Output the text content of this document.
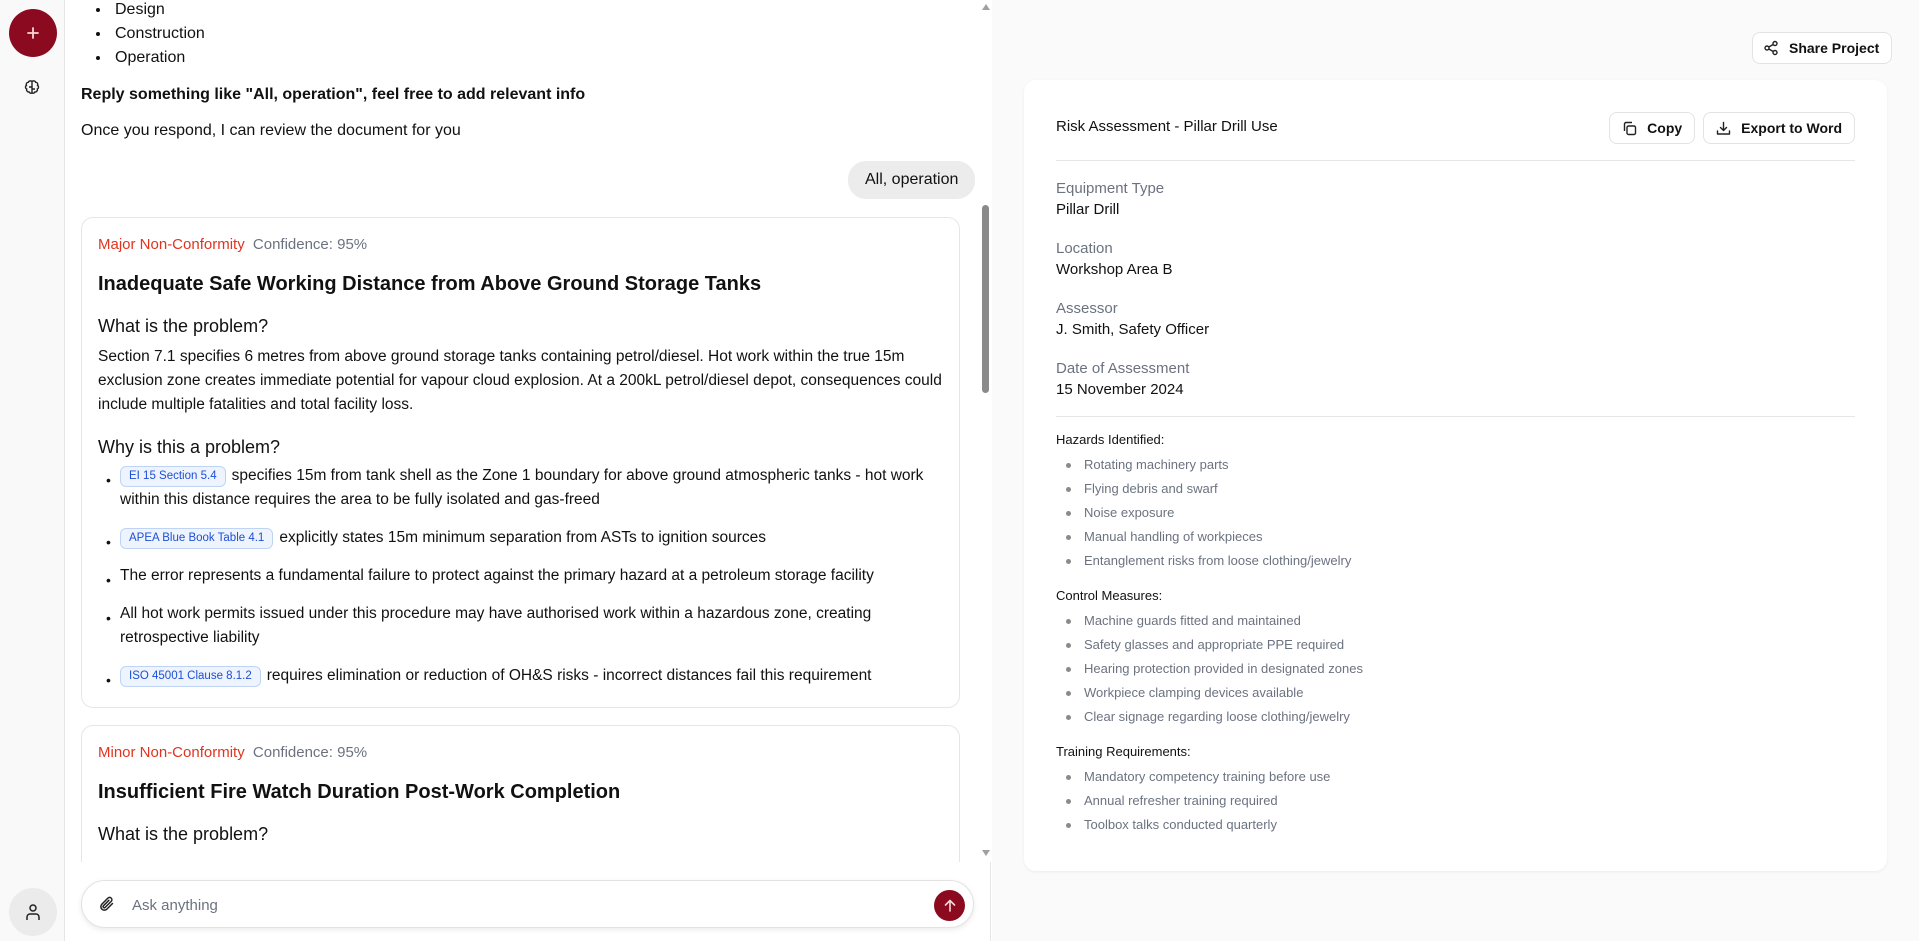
• Design
• Construction
• Operation
Reply something like "All, operation", feel free to add relevant info
Once you respond, I can review the document for you
All, operation
Major Non-Conformity Confidence: 95%
Inadequate Safe Working Distance from Above Ground Storage Tanks
What is the problem?
Section 7.1 specifies 6 metres from above ground storage tanks containing petrol/diesel. Hot work within the true 15m exclusion zone creates immediate potential for vapour cloud explosion. At a 200kL petrol/diesel depot, consequences could include multiple fatalities and total facility loss.
Why is this a problem?
• EI 15 Section 5.4 specifies 15m from tank shell as the Zone 1 boundary for above ground atmospheric tanks - hot work within this distance requires the area to be fully isolated and gas-freed
• APEA Blue Book Table 4.1 explicitly states 15m minimum separation from ASTs to ignition sources
• The error represents a fundamental failure to protect against the primary hazard at a petroleum storage facility
• All hot work permits issued under this procedure may have authorised work within a hazardous zone, creating retrospective liability
• ISO 45001 Clause 8.1.2 requires elimination or reduction of OH&S risks - incorrect distances fail this requirement
Minor Non-Conformity Confidence: 95%
Insufficient Fire Watch Duration Post-Work Completion
What is the problem?
Ask anything
Share Project
Risk Assessment - Pillar Drill Use	Copy	Export to Word
Equipment Type
Pillar Drill
Location
Workshop Area B
Assessor
J. Smith, Safety Officer
Date of Assessment
15 November 2024
Hazards Identified:
Rotating machinery parts
Flying debris and swarf
Noise exposure
Manual handling of workpieces
Entanglement risks from loose clothing/jewelry
Control Measures:
Machine guards fitted and maintained
Safety glasses and appropriate PPE required
Hearing protection provided in designated zones
Workpiece clamping devices available
Clear signage regarding loose clothing/jewelry
Training Requirements:
Mandatory competency training before use
Annual refresher training required
Toolbox talks conducted quarterly
